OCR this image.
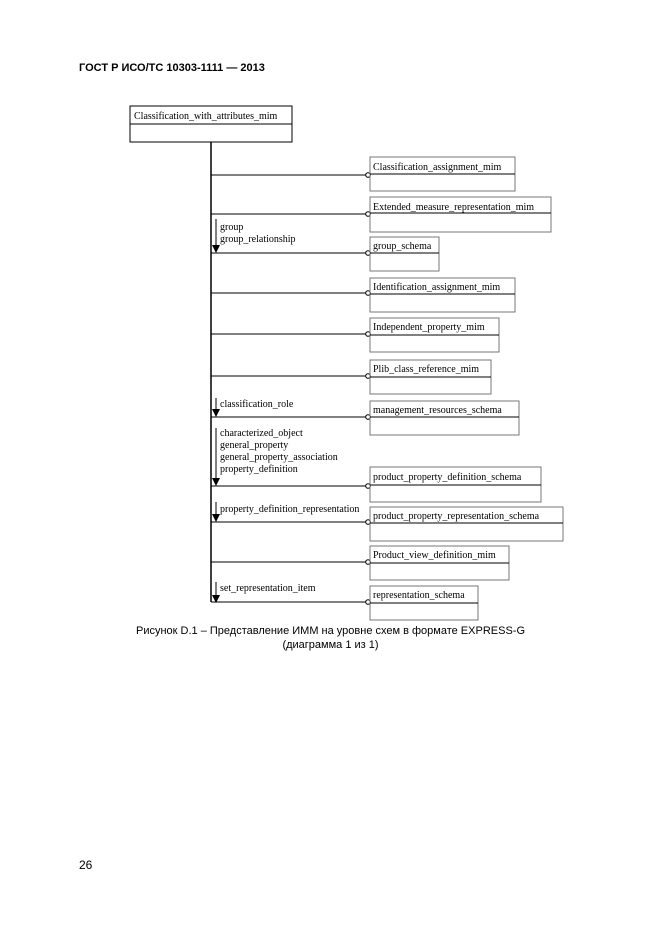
ГОСТ Р ИСО/ТС 10303-1111 — 2013
Classification_with_attributes_mim
Classification_assignment_mim
Extended_measure_representation_mim
group
group_relationship
group_schema
Identification_assignment_mim
Independent_property_mim
Plib_class_reference_mim
classification_role
management_resources_schema
characterized_object
general_property
general_property_association
property_definition
product_property_definition_schema
property_definition_representation
product_property_representation_schema
Product_view_definition_mim
set_representation_item
representation_schema
Рисунок D.1 – Представление ИММ на уровне схем в формате EXPRESS-G
(диаграмма 1 из 1)
26
